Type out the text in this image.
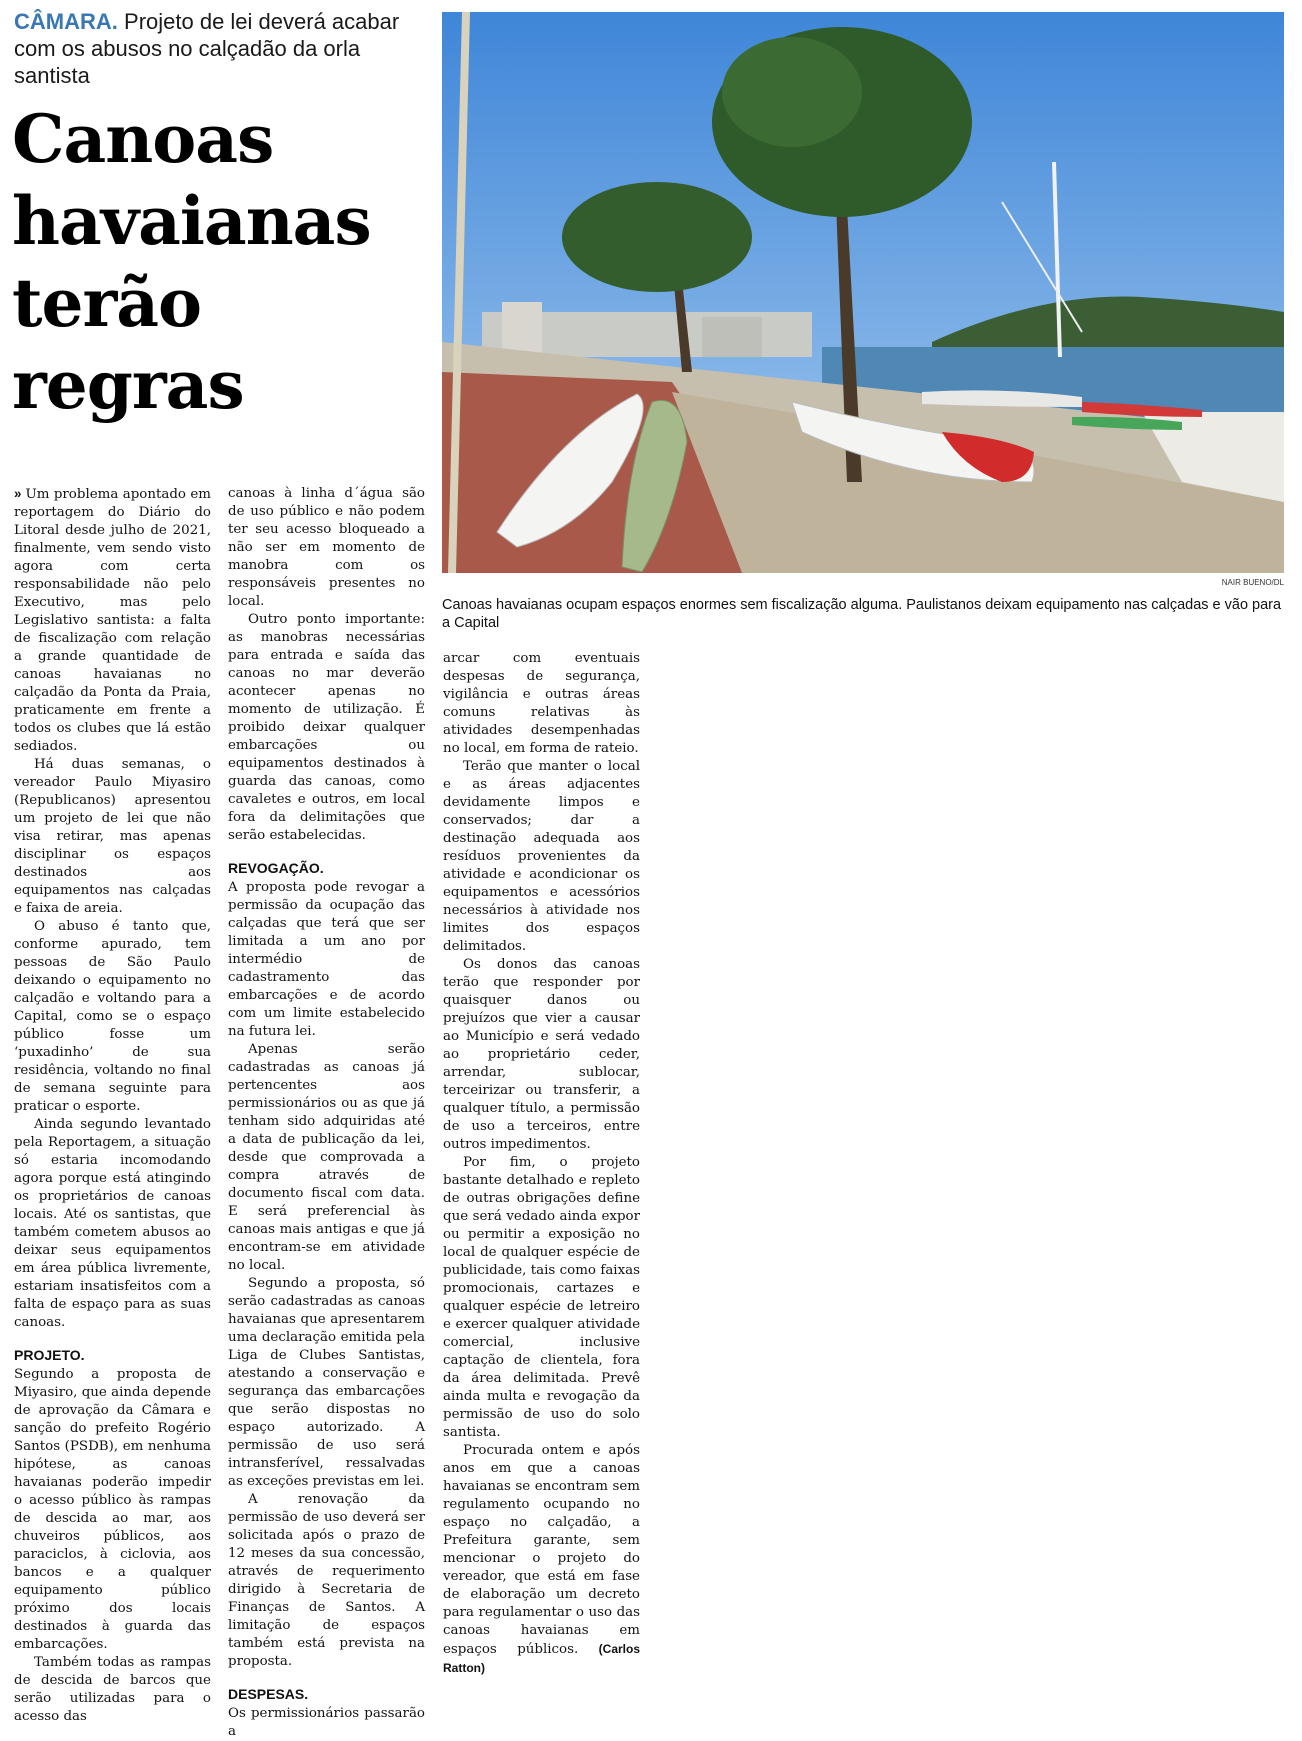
CÂMARA. Projeto de lei deverá acabar com os abusos no calçadão da orla santista
Canoas havaianas terão regras
NAIR BUENO/DL
Canoas havaianas ocupam espaços enormes sem fiscalização alguma. Paulistanos deixam equipamento nas calçadas e vão para a Capital

» Um problema apontado em reportagem do Diário do Litoral desde julho de 2021, finalmente, vem sendo visto agora com certa responsabilidade não pelo Executivo, mas pelo Legislativo santista: a falta de fiscalização com relação a grande quantidade de canoas havaianas no calçadão da Ponta da Praia, praticamente em frente a todos os clubes que lá estão sediados.

Há duas semanas, o vereador Paulo Miyasiro (Republicanos) apresentou um projeto de lei que não visa retirar, mas apenas disciplinar os espaços destinados aos equipamentos nas calçadas e faixa de areia.

O abuso é tanto que, conforme apurado, tem pessoas de São Paulo deixando o equipamento no calçadão e voltando para a Capital, como se o espaço público fosse um ‘puxadinho’ de sua residência, voltando no final de semana seguinte para praticar o esporte.

Ainda segundo levantado pela Reportagem, a situação só estaria incomodando agora porque está atingindo os proprietários de canoas locais. Até os santistas, que também cometem abusos ao deixar seus equipamentos em área pública livremente, estariam insatisfeitos com a falta de espaço para as suas canoas.

PROJETO.

Segundo a proposta de Miyasiro, que ainda depende de aprovação da Câmara e sanção do prefeito Rogério Santos (PSDB), em nenhuma hipótese, as canoas havaianas poderão impedir o acesso público às rampas de descida ao mar, aos chuveiros públicos, aos paraciclos, à ciclovia, aos bancos e a qualquer equipamento público próximo dos locais destinados à guarda das embarcações.

Também todas as rampas de descida de barcos que serão utilizadas para o acesso das

canoas à linha d´água são de uso público e não podem ter seu acesso bloqueado a não ser em momento de manobra com os responsáveis presentes no local.

Outro ponto importante: as manobras necessárias para entrada e saída das canoas no mar deverão acontecer apenas no momento de utilização. É proibido deixar qualquer embarcações ou equipamentos destinados à guarda das canoas, como cavaletes e outros, em local fora da delimitações que serão estabelecidas.

REVOGAÇÃO.

A proposta pode revogar a permissão da ocupação das calçadas que terá que ser limitada a um ano por intermédio de cadastramento das embarcações e de acordo com um limite estabelecido na futura lei.

Apenas serão cadastradas as canoas já pertencentes aos permissionários ou as que já tenham sido adquiridas até a data de publicação da lei, desde que comprovada a compra através de documento fiscal com data. E será preferencial às canoas mais antigas e que já encontram-se em atividade no local.

Segundo a proposta, só serão cadastradas as canoas havaianas que apresentarem uma declaração emitida pela Liga de Clubes Santistas, atestando a conservação e segurança das embarcações que serão dispostas no espaço autorizado. A permissão de uso será intransferível, ressalvadas as exceções previstas em lei.

A renovação da permissão de uso deverá ser solicitada após o prazo de 12 meses da sua concessão, através de requerimento dirigido à Secretaria de Finanças de Santos. A limitação de espaços também está prevista na proposta.

DESPESAS.

Os permissionários passarão a

arcar com eventuais despesas de segurança, vigilância e outras áreas comuns relativas às atividades desempenhadas no local, em forma de rateio.

Terão que manter o local e as áreas adjacentes devidamente limpos e conservados; dar a destinação adequada aos resíduos provenientes da atividade e acondicionar os equipamentos e acessórios necessários à atividade nos limites dos espaços delimitados.

Os donos das canoas terão que responder por quaisquer danos ou prejuízos que vier a causar ao Município e será vedado ao proprietário ceder, arrendar, sublocar, terceirizar ou transferir, a qualquer título, a permissão de uso a terceiros, entre outros impedimentos.

Por fim, o projeto bastante detalhado e repleto de outras obrigações define que será vedado ainda expor ou permitir a exposição no local de qualquer espécie de publicidade, tais como faixas promocionais, cartazes e qualquer espécie de letreiro e exercer qualquer atividade comercial, inclusive captação de clientela, fora da área delimitada. Prevê ainda multa e revogação da permissão de uso do solo santista.

Procurada ontem e após anos em que a canoas havaianas se encontram sem regulamento ocupando no espaço no calçadão, a Prefeitura garante, sem mencionar o projeto do vereador, que está em fase de elaboração um decreto para regulamentar o uso das canoas havaianas em espaços públicos. (Carlos Ratton)
